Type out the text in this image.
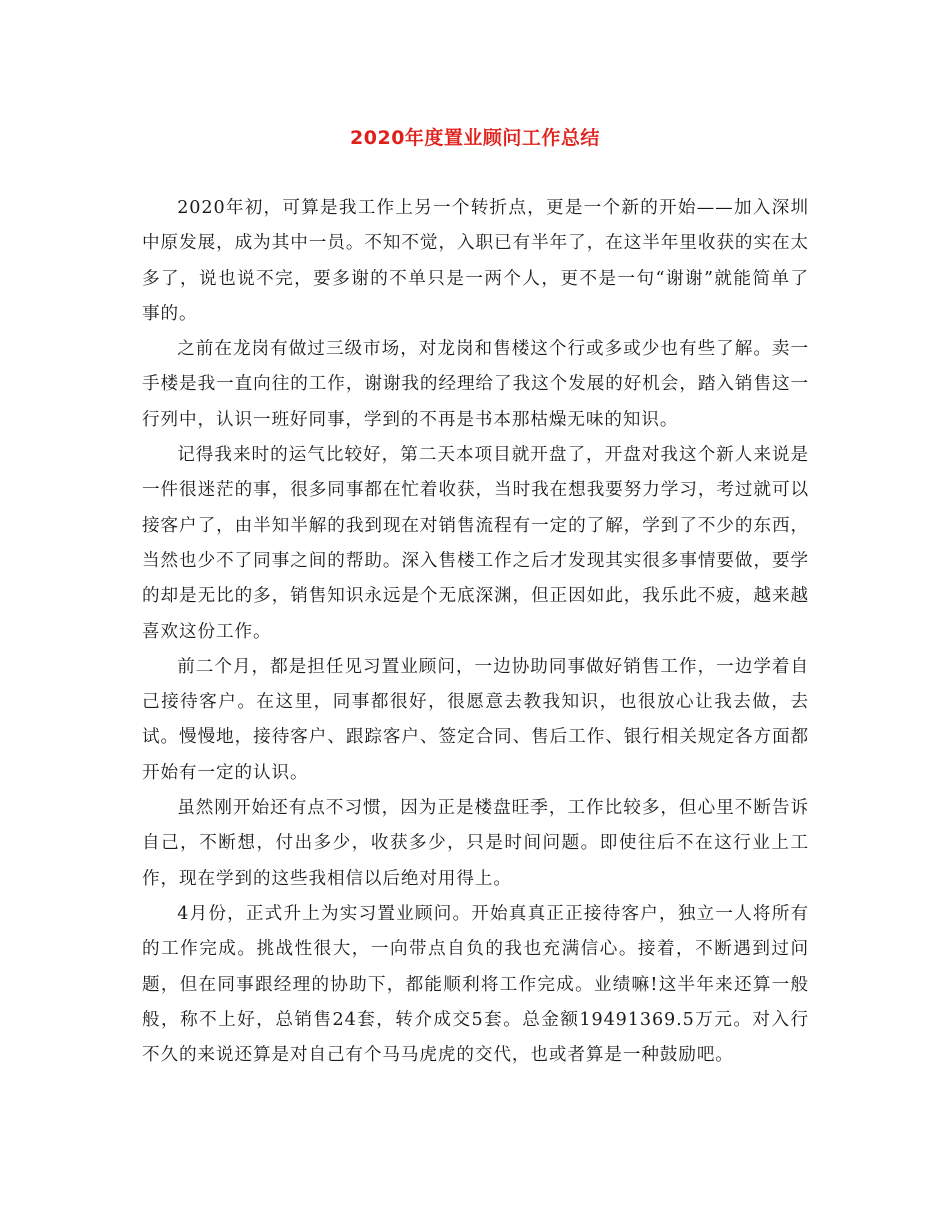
2020年度置业顾问工作总结

2020年初，可算是我工作上另一个转折点，更是一个新的开始——加入深圳中原发展，成为其中一员。不知不觉，入职已有半年了，在这半年里收获的实在太多了，说也说不完，要多谢的不单只是一两个人，更不是一句“谢谢”就能简单了事的。

之前在龙岗有做过三级市场，对龙岗和售楼这个行或多或少也有些了解。卖一手楼是我一直向往的工作，谢谢我的经理给了我这个发展的好机会，踏入销售这一行列中，认识一班好同事，学到的不再是书本那枯燥无味的知识。

记得我来时的运气比较好，第二天本项目就开盘了，开盘对我这个新人来说是一件很迷茫的事，很多同事都在忙着收获，当时我在想我要努力学习，考过就可以接客户了，由半知半解的我到现在对销售流程有一定的了解，学到了不少的东西，当然也少不了同事之间的帮助。深入售楼工作之后才发现其实很多事情要做，要学的却是无比的多，销售知识永远是个无底深渊，但正因如此，我乐此不疲，越来越喜欢这份工作。

前二个月，都是担任见习置业顾问，一边协助同事做好销售工作，一边学着自己接待客户。在这里，同事都很好，很愿意去教我知识，也很放心让我去做，去试。慢慢地，接待客户、跟踪客户、签定合同、售后工作、银行相关规定各方面都开始有一定的认识。

虽然刚开始还有点不习惯，因为正是楼盘旺季，工作比较多，但心里不断告诉自己，不断想，付出多少，收获多少，只是时间问题。即使往后不在这行业上工作，现在学到的这些我相信以后绝对用得上。

4月份，正式升上为实习置业顾问。开始真真正正接待客户，独立一人将所有的工作完成。挑战性很大，一向带点自负的我也充满信心。接着，不断遇到过问题，但在同事跟经理的协助下，都能顺利将工作完成。业绩嘛!这半年来还算一般般，称不上好，总销售24套，转介成交5套。总金额19491369.5万元。对入行不久的来说还算是对自己有个马马虎虎的交代，也或者算是一种鼓励吧。
